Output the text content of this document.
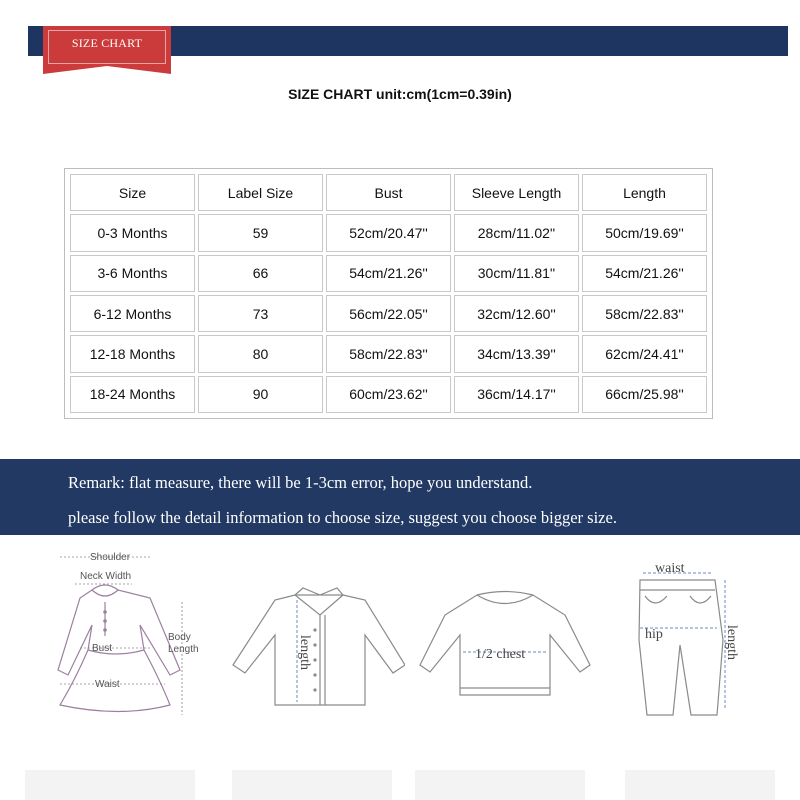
SIZE CHART
SIZE CHART unit:cm(1cm=0.39in)
Size	Label Size	Bust	Sleeve Length	Length
0-3 Months	59	52cm/20.47''	28cm/11.02''	50cm/19.69''
3-6 Months	66	54cm/21.26''	30cm/11.81''	54cm/21.26''
6-12 Months	73	56cm/22.05''	32cm/12.60''	58cm/22.83''
12-18 Months	80	58cm/22.83''	34cm/13.39''	62cm/24.41''
18-24 Months	90	60cm/23.62''	36cm/14.17''	66cm/25.98''
Remark: flat measure, there will be 1-3cm error, hope you understand.
please follow the detail information to choose size, suggest you choose bigger size.
Shoulder
Neck Width
Bust
Waist
Body
Length	length	1/2 chest
waist
hip	length
